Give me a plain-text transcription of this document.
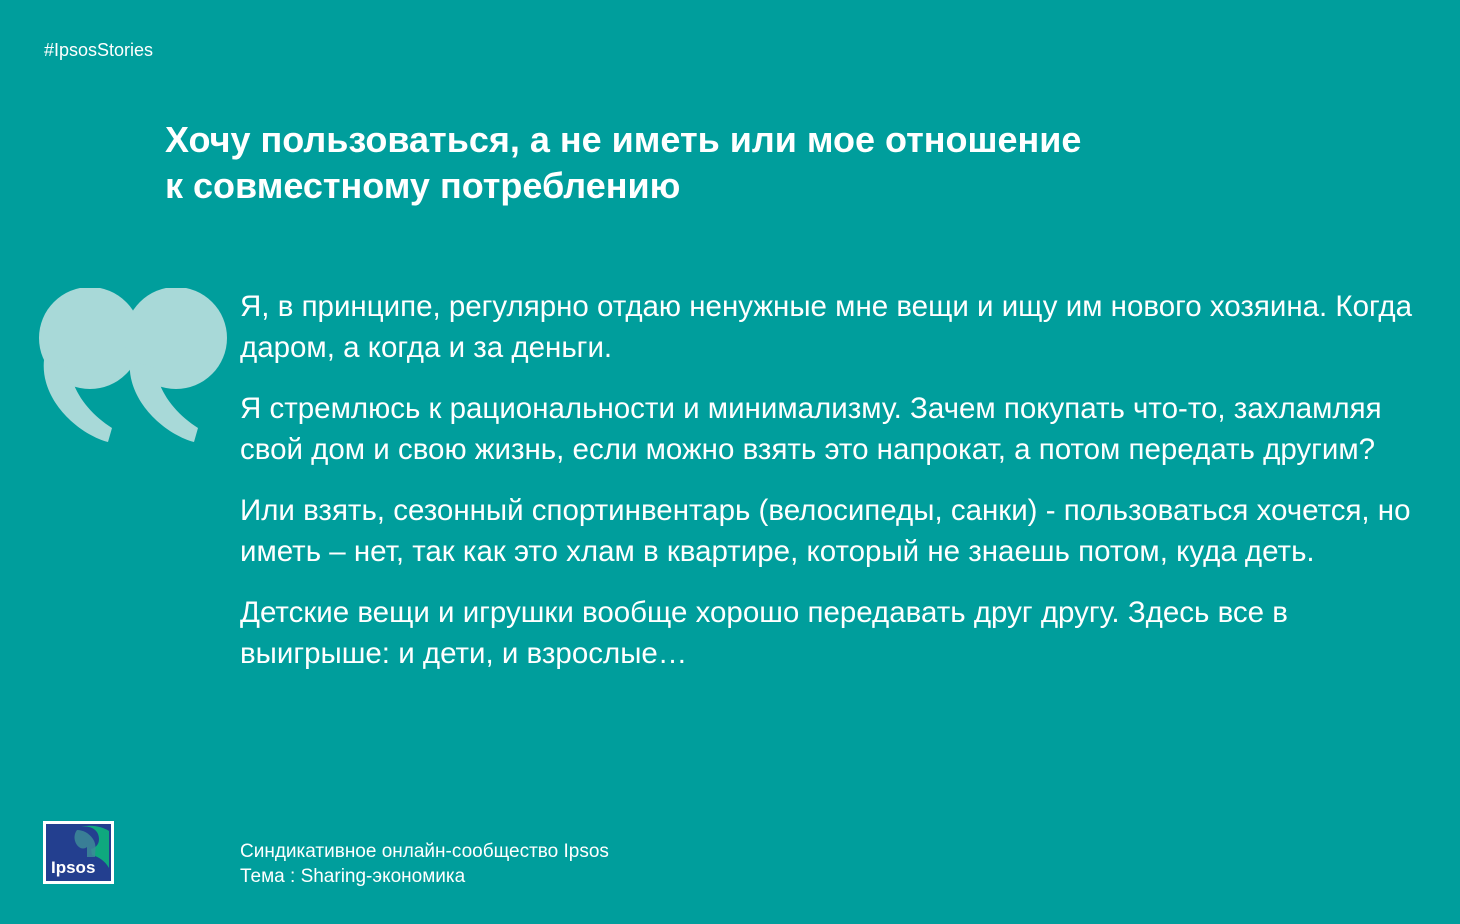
#IpsosStories
Хочу пользоваться, а не иметь или мое отношение
к совместному потреблению

Я, в принципе, регулярно отдаю ненужные мне вещи и ищу им нового хозяина. Когда даром, а когда и за деньги.

Я стремлюсь к рациональности и минимализму. Зачем покупать что-то, захламляя свой дом и свою жизнь, если можно взять это напрокат, а потом передать другим?

Или взять, сезонный спортинвентарь (велосипеды, санки) - пользоваться хочется, но иметь – нет, так как это хлам в квартире, который не знаешь потом, куда деть.

Детские вещи и игрушки вообще хорошо передавать друг другу. Здесь все в выигрыше: и дети, и взрослые…

Ipsos
Синдикативное онлайн-сообщество Ipsos
Тема : Sharing-экономика
